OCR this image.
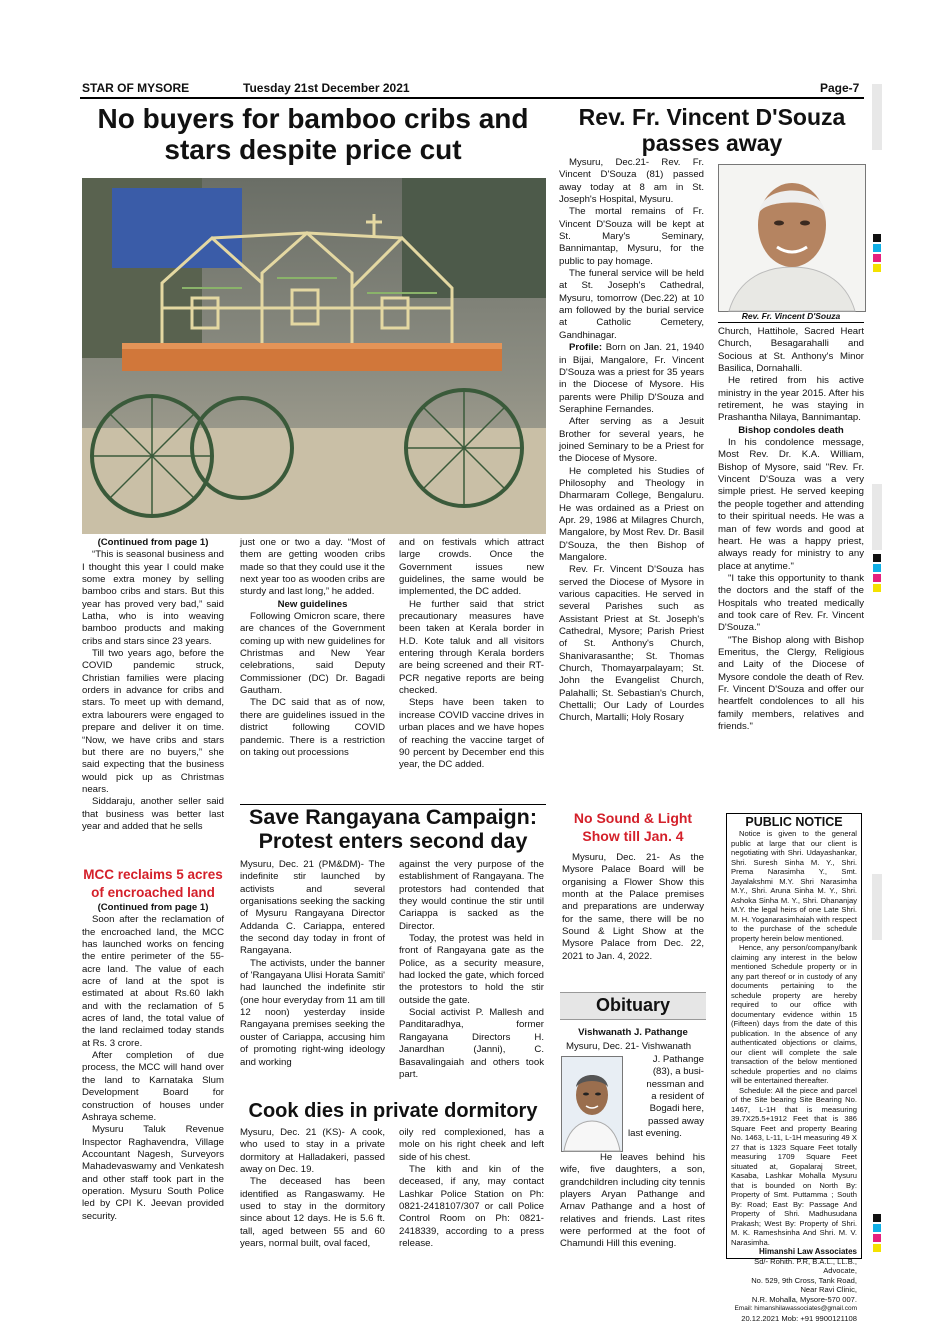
STAR OF MYSORE	Tuesday 21st December 2021	Page-7
No buyers for bamboo cribs and stars despite price cut

(Continued from page 1)

“This is seasonal business and I thought this year I could make some extra money by selling bamboo cribs and stars. But this year has proved very bad,” said Latha, who is into weaving bamboo products and making cribs and stars since 23 years.

Till two years ago, before the COVID pandemic struck, Christian families were placing orders in advance for cribs and stars. To meet up with demand, extra labourers were engaged to prepare and deliver it on time. “Now, we have cribs and stars but there are no buyers,” she said expecting that the business would pick up as Christmas nears.

Siddaraju, another seller said that business was better last year and added that he sells

just one or two a day. “Most of them are getting wooden cribs made so that they could use it the next year too as wooden cribs are sturdy and last long,” he added.

New guidelines

Following Omicron scare, there are chances of the Government coming up with new guidelines for Christmas and New Year celebrations, said Deputy Commissioner (DC) Dr. Bagadi Gautham.

The DC said that as of now, there are guidelines issued in the district following COVID pandemic. There is a restriction on taking out processions

and on festivals which attract large crowds. Once the Government issues new guidelines, the same would be implemented, the DC added.

He further said that strict precautionary measures have been taken at Kerala border in H.D. Kote taluk and all visitors entering through Kerala borders are being screened and their RT-PCR negative reports are being checked.

Steps have been taken to increase COVID vaccine drives in urban places and we have hopes of reaching the vaccine target of 90 percent by December end this year, the DC added.

MCC reclaims 5 acres of encroached land

(Continued from page 1)

Soon after the reclamation of the encroached land, the MCC has launched works on fencing the entire perimeter of the 55-acre land. The value of each acre of land at the spot is estimated at about Rs.60 lakh and with the reclamation of 5 acres of land, the total value of the land reclaimed today stands at Rs. 3 crore.

After completion of due process, the MCC will hand over the land to Karnataka Slum Development Board for construction of houses under Ashraya scheme.

Mysuru Taluk Revenue Inspector Raghavendra, Village Accountant Nagesh, Surveyors Mahadevaswamy and Venkatesh and other staff took part in the operation. Mysuru South Police led by CPI K. Jeevan provided security.

Save Rangayana Campaign: Protest enters second day

Mysuru, Dec. 21 (PM&DM)- The indefinite stir launched by activists and several organisations seeking the sacking of Mysuru Rangayana Director Addanda C. Cariappa, entered the second day today in front of Rangayana.

The activists, under the banner of 'Rangayana Ulisi Horata Samiti' had launched the indefinite stir (one hour everyday from 11 am till 12 noon) yesterday inside Rangayana premises seeking the ouster of Cariappa, accusing him of promoting right-wing ideology and working

against the very purpose of the establishment of Rangayana. The protestors had contended that they would continue the stir until Cariappa is sacked as the Director.

Today, the protest was held in front of Rangayana gate as the Police, as a security measure, had locked the gate, which forced the protestors to hold the stir outside the gate.

Social activist P. Mallesh and Panditaradhya, former Rangayana Directors H. Janardhan (Janni), C. Basavalingaiah and others took part.

Cook dies in private dormitory

Mysuru, Dec. 21 (KS)- A cook, who used to stay in a private dormitory at Halladakeri, passed away on Dec. 19.

The deceased has been identified as Rangaswamy. He used to stay in the dormitory since about 12 days. He is 5.6 ft. tall, aged between 55 and 60 years, normal built, oval faced,

oily red complexioned, has a mole on his right cheek and left side of his chest.

The kith and kin of the deceased, if any, may contact Lashkar Police Station on Ph: 0821-2418107/307 or call Police Control Room on Ph: 0821-2418339, according to a press release.

Rev. Fr. Vincent D'Souza passes away

Mysuru, Dec.21- Rev. Fr. Vincent D'Souza (81) passed away today at 8 am in St. Joseph's Hospital, Mysuru.

The mortal remains of Fr. Vincent D'Souza will be kept at St. Mary's Seminary, Bannimantap, Mysuru, for the public to pay homage.

The funeral service will be held at St. Joseph's Cathedral, Mysuru, tomorrow (Dec.22) at 10 am followed by the burial service at Catholic Cemetery, Gandhinagar.

Profile: Born on Jan. 21, 1940 in Bijai, Mangalore, Fr. Vincent D'Souza was a priest for 35 years in the Diocese of Mysore. His parents were Philip D'Souza and Seraphine Fernandes.

After serving as a Jesuit Brother for several years, he joined Seminary to be a Priest for the Diocese of Mysore.

He completed his Studies of Philosophy and Theology in Dharmaram College, Bengaluru. He was ordained as a Priest on Apr. 29, 1986 at Milagres Church, Mangalore, by Most Rev. Dr. Basil D'Souza, the then Bishop of Mangalore.

Rev. Fr. Vincent D'Souza has served the Diocese of Mysore in various capacities. He served in several Parishes such as Assistant Priest at St. Joseph's Cathedral, Mysore; Parish Priest of St. Anthony's Church, Shanivarasanthe; St. Thomas Church, Thomayarpalayam; St. John the Evangelist Church, Palahalli; St. Sebastian's Church, Chettalli; Our Lady of Lourdes Church, Martalli; Holy Rosary

Rev. Fr. Vincent D'Souza

Church, Hattihole, Sacred Heart Church, Besagarahalli and Socious at St. Anthony's Minor Basilica, Dornahalli.

He retired from his active ministry in the year 2015. After his retirement, he was staying in Prashantha Nilaya, Bannimantap.

Bishop condoles death

In his condolence message, Most Rev. Dr. K.A. William, Bishop of Mysore, said "Rev. Fr. Vincent D'Souza was a very simple priest. He served keeping the people together and attending to their spiritual needs. He was a man of few words and good at heart. He was a happy priest, always ready for ministry to any place at anytime."

"I take this opportunity to thank the doctors and the staff of the Hospitals who treated medically and took care of Rev. Fr. Vincent D'Souza."

"The Bishop along with Bishop Emeritus, the Clergy, Religious and Laity of the Diocese of Mysore condole the death of Rev. Fr. Vincent D'Souza and offer our heartfelt condolences to all his family members, relatives and friends."

No Sound & Light Show till Jan. 4

Mysuru, Dec. 21- As the Mysore Palace Board will be organising a Flower Show this month at the Palace premises and preparations are underway for the same, there will be no Sound & Light Show at the Mysore Palace from Dec. 22, 2021 to Jan. 4, 2022.

Obituary
Vishwanath J. Pathange
Mysuru, Dec. 21- Vishwanath

J. Pathange

(83), a busi-

nessman and

a resident of

Bogadi here,

passed away

last evening.

He leaves behind his wife, five daughters, a son, grandchildren including city tennis players Aryan Pathange and Arnav Pathange and a host of relatives and friends. Last rites were performed at the foot of Chamundi Hill this evening.

PUBLIC NOTICE
Notice is given to the general public at large that our client is negotiating with Shri. Udayashankar, Shri. Suresh Sinha M. Y., Shri. Prema Narasimha Y., Smt. Jayalakshmi M.Y. Shri Narasimha M.Y., Shri. Aruna Sinha M. Y., Shri. Ashoka Sinha M. Y., Shri. Dhananjay M.Y. the legal heirs of one Late Shri. M. H. Yoganarasimhaiah with respect to the purchase of the schedule property herein below mentioned.
Hence, any person/company/bank claiming any interest in the below mentioned Schedule property or in any part thereof or in custody of any documents pertaining to the schedule property are hereby required to our office with documentary evidence within 15 (Fifteen) days from the date of this publication. In the absence of any authenticated objections or claims, our client will complete the sale transaction of the below mentioned schedule properties and no claims will be entertained thereafter.
Schedule: All the piece and parcel of the Site bearing Site Bearing No. 1467, L-1H that is measuring 39.7X25.5+1912 Feet that is 386 Square Feet and property Bearing No. 1463, L-11, L-1H measuring 49 X 27 that is 1323 Square Feet totally measuring 1709 Square Feet situated at, Gopalaraj Street, Kasaba, Lashkar Mohalla Mysuru that is bounded on North By: Property of Smt. Puttamma ; South By: Road; East By: Passage And Property of Shri. Madhusudana Prakash; West By: Property of Shri. M. K. Rameshsinha And Shri. M. V. Narasimha.
Himanshi Law Associates
Sd/- Rohith. P.R, B.A.L., LL.B.,
Advocate,
No. 529, 9th Cross, Tank Road,
Near Ravi Clinic,
N.R. Mohalla, Mysore-570 007.
Email: himanshilawassociates@gmail.com
20.12.2021 Mob: +91 9900121108
